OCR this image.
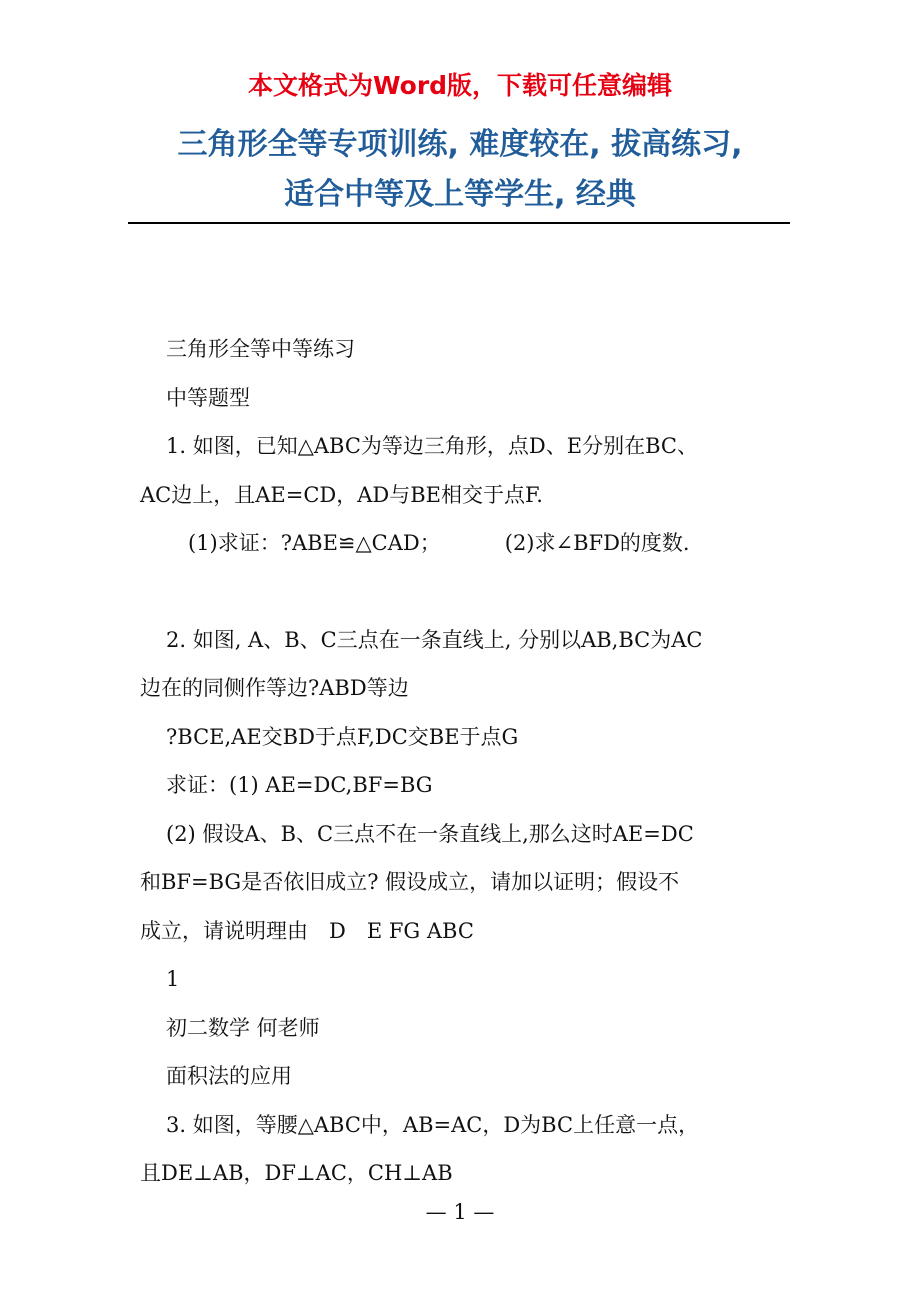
本文格式为Word版，下载可任意编辑
三角形全等专项训练, 难度较在, 拔高练习,
适合中等及上等学生, 经典
三角形全等中等练习
中等题型
1. 如图，已知△ABC为等边三角形，点D、E分别在BC、
AC边上，且AE=CD，AD与BE相交于点F.
(1)求证：?ABE≌△CAD；	(2)求∠BFD的度数.
2. 如图, A、B、C三点在一条直线上, 分别以AB,BC为AC
边在的同侧作等边?ABD等边
?BCE,AE交BD于点F,DC交BE于点G
求证：(1) AE=DC,BF=BG
(2) 假设A、B、C三点不在一条直线上,那么这时AE=DC
和BF=BG是否依旧成立? 假设成立，请加以证明；假设不
成立，请说明理由　D　E FG ABC
1
初二数学 何老师
面积法的应用
3. 如图，等腰△ABC中，AB=AC，D为BC上任意一点，
且DE⊥AB，DF⊥AC，CH⊥AB
— 1 —
